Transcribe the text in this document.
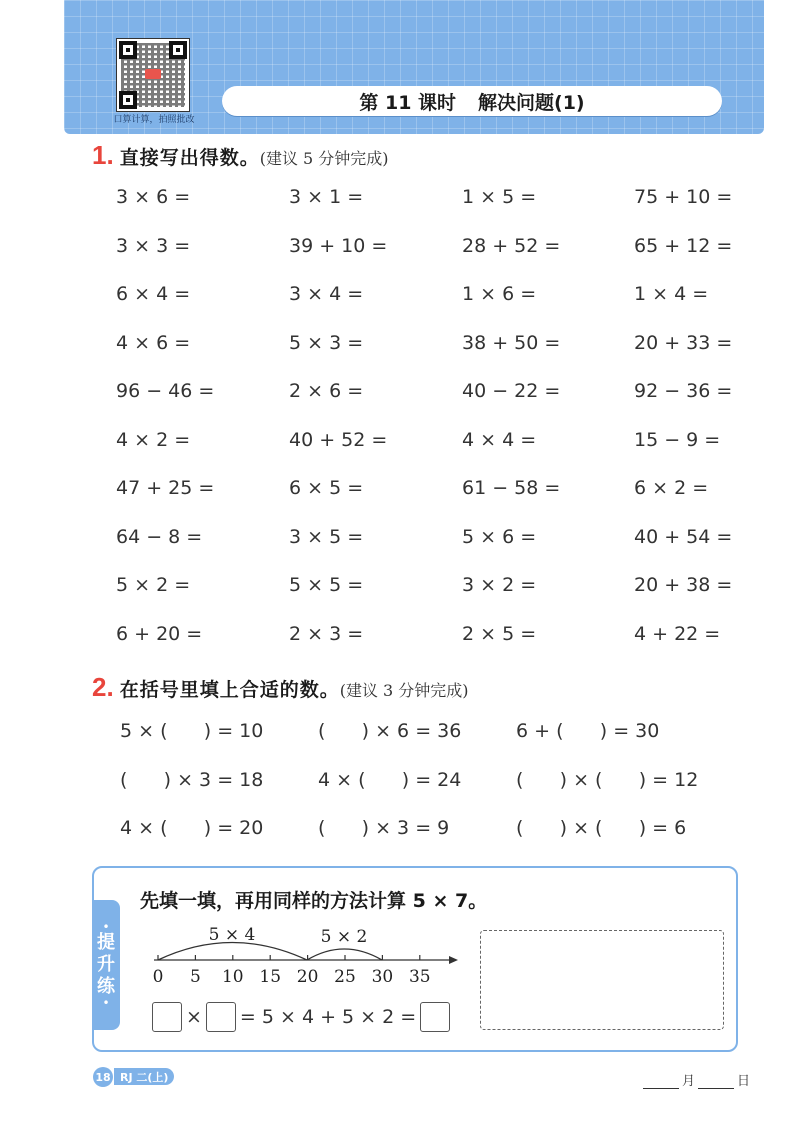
口算计算，拍照批改
第 11 课时 解决问题(1)
1. 直接写出得数。 (建议 5 分钟完成)
3 × 6 =	3 × 1 =	1 × 5 =	75 + 10 =
3 × 3 =	39 + 10 =	28 + 52 =	65 + 12 =
6 × 4 =	3 × 4 =	1 × 6 =	1 × 4 =
4 × 6 =	5 × 3 =	38 + 50 =	20 + 33 =
96 − 46 =	2 × 6 =	40 − 22 =	92 − 36 =
4 × 2 =	40 + 52 =	4 × 4 =	15 − 9 =
47 + 25 =	6 × 5 =	61 − 58 =	6 × 2 =
64 − 8 =	3 × 5 =	5 × 6 =	40 + 54 =
5 × 2 =	5 × 5 =	3 × 2 =	20 + 38 =
6 + 20 =	2 × 3 =	2 × 5 =	4 + 22 =
2. 在括号里填上合适的数。 (建议 3 分钟完成)
5 × (      ) = 10	(      ) × 6 = 36	6 + (      ) = 30
(      ) × 3 = 18	4 × (      ) = 24	(      ) × (      ) = 12
4 × (      ) = 20	(      ) × 3 = 9	(      ) × (      ) = 6
•
提
升
练
•
先填一填，再用同样的方法计算 5 × 7。
5 × 4	5 × 2
0 5 10 15 20 25 30 35
× = 5 × 4 + 5 × 2 =
18 RJ 二(上)	月	日
